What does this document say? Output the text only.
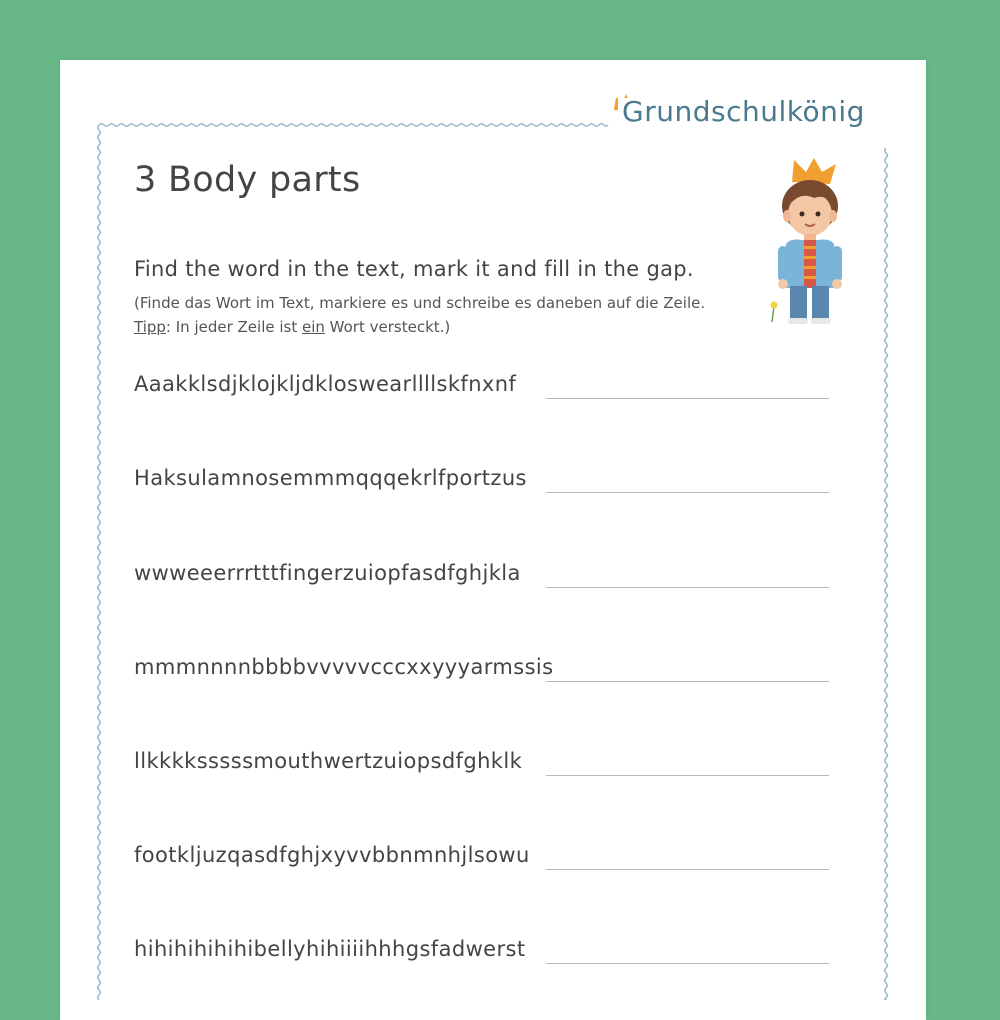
Grundschulkönig
3 Body parts
Find the word in the text, mark it and fill in the gap.
(Finde das Wort im Text, markiere es und schreibe es daneben auf die Zeile.
Tipp: In jeder Zeile ist ein Wort versteckt.)
Aaakklsdjklojkljdkloswearllllskfnxnf
Haksulamnosemmmqqqekrlfportzus
wwweeerrrtttfingerzuiopfasdfghjkla
mmmnnnnbbbbvvvvvcccxxyyyarmssis
llkkkksssssmouthwertzuiopsdfghklk
footkljuzqasdfghjxyvvbbnmnhjlsowu
hihihihihihibellyhihiiiihhhgsfadwerst
